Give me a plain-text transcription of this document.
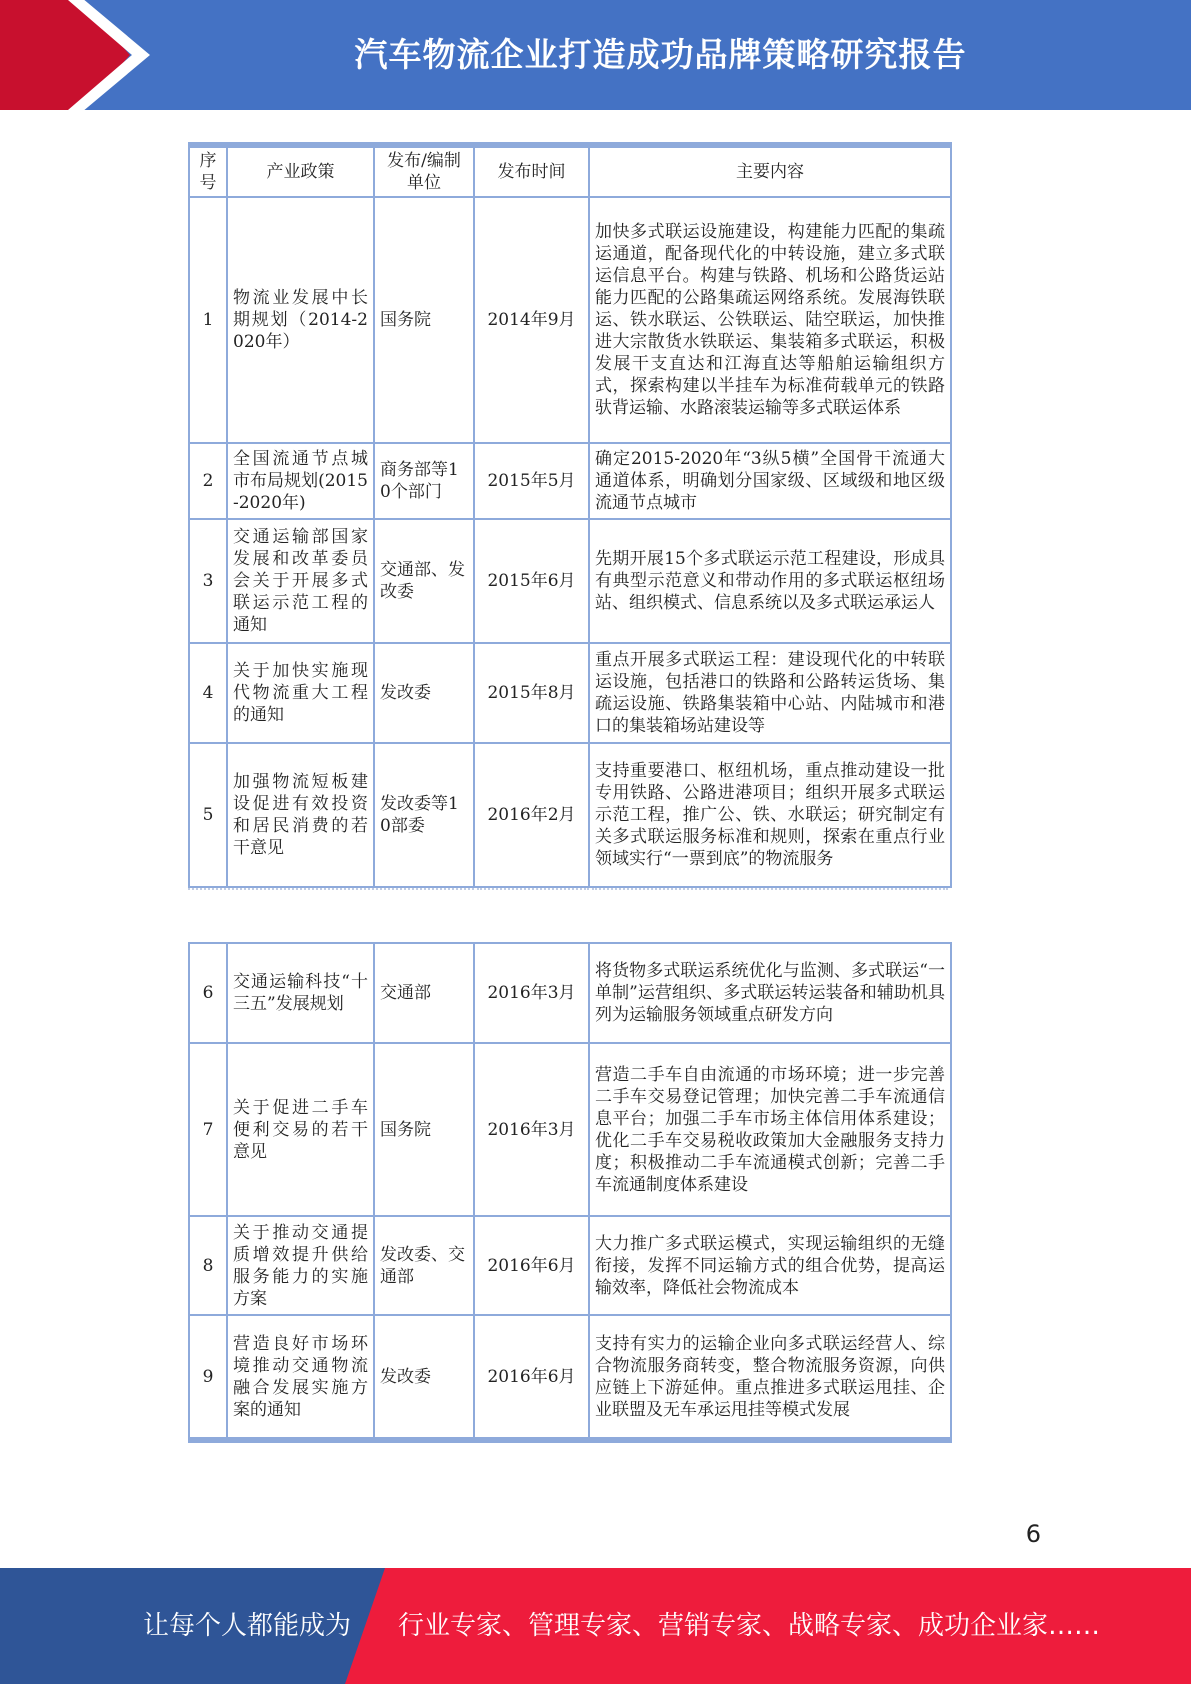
汽车物流企业打造成功品牌策略研究报告
序号	产业政策	发布/编制单位	发布时间	主要内容
1	物流业发展中长期规划（2014-2020年）	国务院	2014年9月	加快多式联运设施建设，构建能力匹配的集疏运通道，配备现代化的中转设施，建立多式联运信息平台。构建与铁路、机场和公路货运站能力匹配的公路集疏运网络系统。发展海铁联运、铁水联运、公铁联运、陆空联运，加快推进大宗散货水铁联运、集装箱多式联运，积极发展干支直达和江海直达等船舶运输组织方式，探索构建以半挂车为标准荷载单元的铁路驮背运输、水路滚装运输等多式联运体系
2	全国流通节点城市布局规划(2015-2020年)	商务部等10个部门	2015年5月	确定2015-2020年“3纵5横”全国骨干流通大通道体系，明确划分国家级、区域级和地区级流通节点城市
3	交通运输部国家发展和改革委员会关于开展多式联运示范工程的通知	交通部、发改委	2015年6月	先期开展15个多式联运示范工程建设，形成具有典型示范意义和带动作用的多式联运枢纽场站、组织模式、信息系统以及多式联运承运人
4	关于加快实施现代物流重大工程的通知	发改委	2015年8月	重点开展多式联运工程：建设现代化的中转联运设施，包括港口的铁路和公路转运货场、集疏运设施、铁路集装箱中心站、内陆城市和港口的集装箱场站建设等
5	加强物流短板建设促进有效投资和居民消费的若干意见	发改委等10部委	2016年2月	支持重要港口、枢纽机场，重点推动建设一批专用铁路、公路进港项目；组织开展多式联运示范工程，推广公、铁、水联运；研究制定有关多式联运服务标准和规则，探索在重点行业领域实行“一票到底”的物流服务
6	交通运输科技“十三五”发展规划	交通部	2016年3月	将货物多式联运系统优化与监测、多式联运“一单制”运营组织、多式联运转运装备和辅助机具列为运输服务领域重点研发方向
7	关于促进二手车便利交易的若干意见	国务院	2016年3月	营造二手车自由流通的市场环境；进一步完善二手车交易登记管理；加快完善二手车流通信息平台；加强二手车市场主体信用体系建设；优化二手车交易税收政策加大金融服务支持力度；积极推动二手车流通模式创新；完善二手车流通制度体系建设
8	关于推动交通提质增效提升供给服务能力的实施方案	发改委、交通部	2016年6月	大力推广多式联运模式，实现运输组织的无缝衔接，发挥不同运输方式的组合优势，提高运输效率，降低社会物流成本
9	营造良好市场环境推动交通物流融合发展实施方案的通知	发改委	2016年6月	支持有实力的运输企业向多式联运经营人、综合物流服务商转变，整合物流服务资源，向供应链上下游延伸。重点推进多式联运甩挂、企业联盟及无车承运甩挂等模式发展
6
让每个人都能成为 行业专家、管理专家、营销专家、战略专家、成功企业家……
